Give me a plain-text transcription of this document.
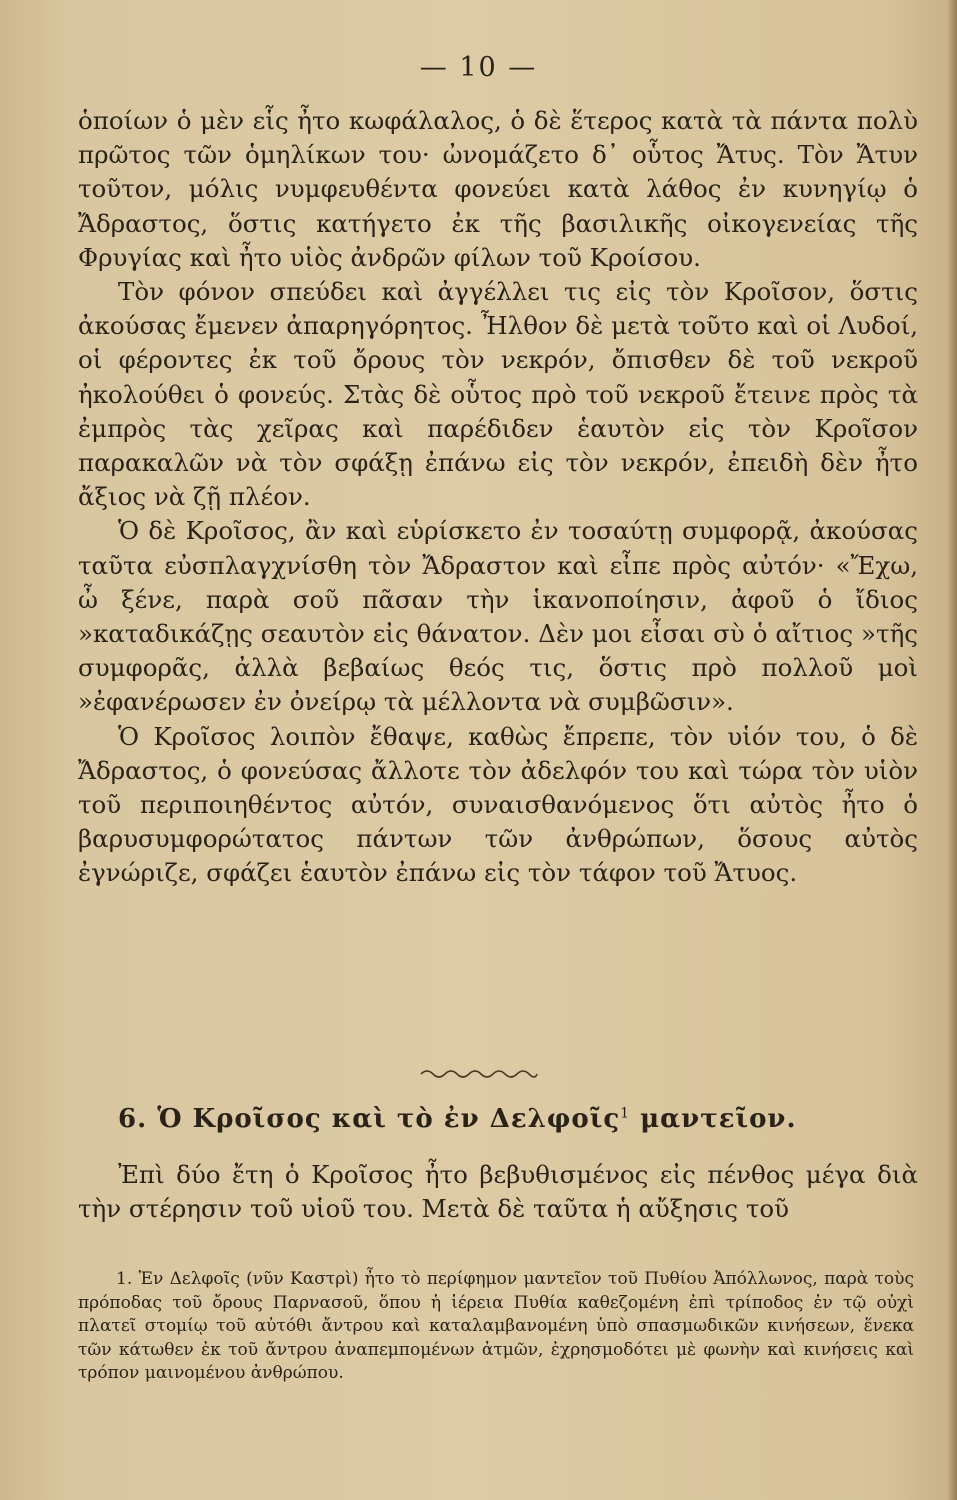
— 10 —

ὁποίων ὁ μὲν εἷς ἦτο κωφάλαλος, ὁ δὲ ἕτερος κατὰ τὰ πάντα πολὺ πρῶτος τῶν ὁμηλίκων του· ὠνομάζετο δ᾽ οὗτος Ἄτυς. Τὸν Ἄτυν τοῦτον, μόλις νυμφευθέντα φονεύει κατὰ λάθος ἐν κυνηγίῳ ὁ Ἄδραστος, ὅστις κατήγετο ἐκ τῆς βασιλικῆς οἰκογενείας τῆς Φρυγίας καὶ ἦτο υἱὸς ἀνδρῶν φίλων τοῦ Κροίσου.

Τὸν φόνον σπεύδει καὶ ἀγγέλλει τις εἰς τὸν Κροῖσον, ὅστις ἀκούσας ἔμενεν ἀπαρηγόρητος. Ἦλθον δὲ μετὰ τοῦτο καὶ οἱ Λυδοί, οἱ φέροντες ἐκ τοῦ ὄρους τὸν νεκρόν, ὄπισθεν δὲ τοῦ νεκροῦ ἠκολούθει ὁ φονεύς. Στὰς δὲ οὗτος πρὸ τοῦ νεκροῦ ἔτεινε πρὸς τὰ ἐμπρὸς τὰς χεῖρας καὶ παρέδιδεν ἑαυτὸν εἰς τὸν Κροῖσον παρακαλῶν νὰ τὸν σφάξῃ ἐπάνω εἰς τὸν νεκρόν, ἐπειδὴ δὲν ἦτο ἄξιος νὰ ζῇ πλέον.

Ὁ δὲ Κροῖσος, ἂν καὶ εὑρίσκετο ἐν τοσαύτῃ συμφορᾷ, ἀκούσας ταῦτα εὐσπλαγχνίσθη τὸν Ἄδραστον καὶ εἶπε πρὸς αὐτόν· «Ἔχω, ὦ ξένε, παρὰ σοῦ πᾶσαν τὴν ἱκανοποίησιν, ἀφοῦ ὁ ἴδιος »καταδικάζῃς σεαυτὸν εἰς θάνατον. Δὲν μοι εἶσαι σὺ ὁ αἴτιος »τῆς συμφορᾶς, ἀλλὰ βεβαίως θεός τις, ὅστις πρὸ πολλοῦ μοὶ »ἐφανέρωσεν ἐν ὀνείρῳ τὰ μέλλοντα νὰ συμβῶσιν».

Ὁ Κροῖσος λοιπὸν ἔθαψε, καθὼς ἔπρεπε, τὸν υἱόν του, ὁ δὲ Ἄδραστος, ὁ φονεύσας ἄλλοτε τὸν ἀδελφόν του καὶ τώρα τὸν υἱὸν τοῦ περιποιηθέντος αὐτόν, συναισθανόμενος ὅτι αὐτὸς ἦτο ὁ βαρυσυμφορώτατος πάντων τῶν ἀνθρώπων, ὅσους αὐτὸς ἐγνώριζε, σφάζει ἑαυτὸν ἐπάνω εἰς τὸν τάφον τοῦ Ἄτυος.

6. Ὁ Κροῖσος καὶ τὸ ἐν Δελφοῖς$^1$ μαντεῖον.

Ἐπὶ δύο ἔτη ὁ Κροῖσος ἦτο βεβυθισμένος εἰς πένθος μέγα διὰ τὴν στέρησιν τοῦ υἱοῦ του. Μετὰ δὲ ταῦτα ἡ αὔξησις τοῦ

1. Ἐν Δελφοῖς (νῦν Καστρὶ) ἦτο τὸ περίφημον μαντεῖον τοῦ Πυθίου Ἀπόλλωνος, παρὰ τοὺς πρόποδας τοῦ ὄρους Παρνασοῦ, ὅπου ἡ ἱέρεια Πυθία καθεζομένη ἐπὶ τρίποδος ἐν τῷ οὐχὶ πλατεῖ στομίῳ τοῦ αὐτόθι ἄντρου καὶ καταλαμβανομένη ὑπὸ σπασμωδικῶν κινήσεων, ἕνεκα τῶν κάτωθεν ἐκ τοῦ ἄντρου ἀναπεμπομένων ἀτμῶν, ἐχρησμοδότει μὲ φωνὴν καὶ κινήσεις καὶ τρόπον μαινομένου ἀνθρώπου.
